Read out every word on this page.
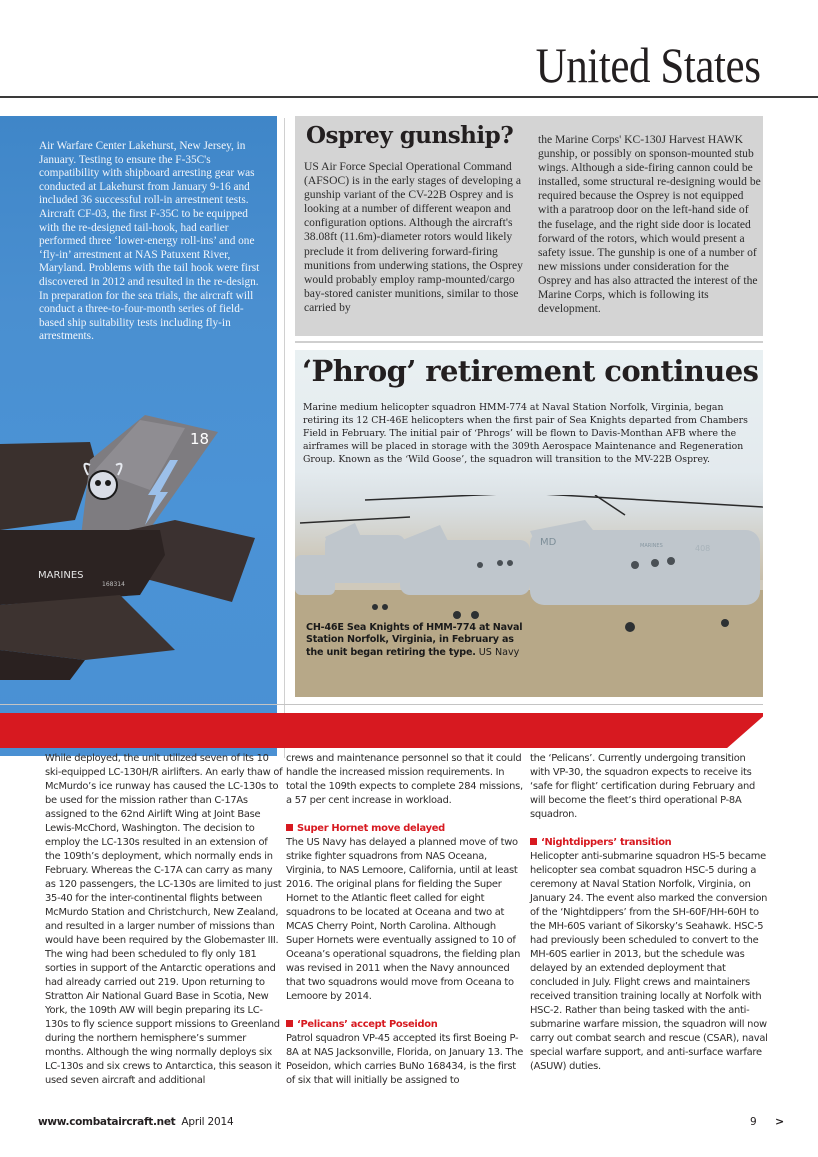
United States
Air Warfare Center Lakehurst, New Jersey, in January. Testing to ensure the F-35C's compatibility with shipboard arresting gear was conducted at Lakehurst from January 9-16 and included 36 successful roll-in arrestment tests. Aircraft CF-03, the first F-35C to be equipped with the re-designed tail-hook, had earlier performed three ‘lower-energy roll-ins’ and one ‘fly-in’ arrestment at NAS Patuxent River, Maryland. Problems with the tail hook were first discovered in 2012 and resulted in the re-design. In preparation for the sea trials, the aircraft will conduct a three-to-four-month series of field-based ship suitability tests including fly-in arrestments.
18
MARINES
168314
Osprey gunship?
US Air Force Special Operational Command (AFSOC) is in the early stages of developing a gunship variant of the CV-22B Osprey and is looking at a number of different weapon and configuration options. Although the aircraft's 38.08ft (11.6m)-diameter rotors would likely preclude it from delivering forward-firing munitions from underwing stations, the Osprey would probably employ ramp-mounted/cargo bay-stored canister munitions, similar to those carried by
the Marine Corps' KC-130J Harvest HAWK gunship, or possibly on sponson-mounted stub wings. Although a side-firing cannon could be installed, some structural re-designing would be required because the Osprey is not equipped with a paratroop door on the left-hand side of the fuselage, and the right side door is located forward of the rotors, which would present a safety issue. The gunship is one of a number of new missions under consideration for the Osprey and has also attracted the interest of the Marine Corps, which is following its development.
MD
408
MARINES
‘Phrog’ retirement continues
Marine medium helicopter squadron HMM-774 at Naval Station Norfolk, Virginia, began retiring its 12 CH-46E helicopters when the first pair of Sea Knights departed from Chambers Field in February. The initial pair of ‘Phrogs’ will be flown to Davis-Monthan AFB where the airframes will be placed in storage with the 309th Aerospace Maintenance and Regeneration Group. Known as the ‘Wild Goose’, the squadron will transition to the MV-22B Osprey.
CH-46E Sea Knights of HMM-774 at Naval Station Norfolk, Virginia, in February as the unit began retiring the type. US Navy

While deployed, the unit utilized seven of its 10 ski-equipped LC-130H/R airlifters. An early thaw of McMurdo’s ice runway has caused the LC-130s to be used for the mission rather than C-17As assigned to the 62nd Airlift Wing at Joint Base Lewis-McChord, Washington. The decision to employ the LC-130s resulted in an extension of the 109th’s deployment, which normally ends in February. Whereas the C-17A can carry as many as 120 passengers, the LC-130s are limited to just 35-40 for the inter-continental flights between McMurdo Station and Christchurch, New Zealand, and resulted in a larger number of missions than would have been required by the Globemaster III. The wing had been scheduled to fly only 181 sorties in support of the Antarctic operations and had already carried out 219. Upon returning to Stratton Air National Guard Base in Scotia, New York, the 109th AW will begin preparing its LC-130s to fly science support missions to Greenland during the northern hemisphere’s summer months. Although the wing normally deploys six LC-130s and six crews to Antarctica, this season it used seven aircraft and additional

crews and maintenance personnel so that it could handle the increased mission requirements. In total the 109th expects to complete 284 missions, a 57 per cent increase in workload.

Super Hornet move delayed

The US Navy has delayed a planned move of two strike fighter squadrons from NAS Oceana, Virginia, to NAS Lemoore, California, until at least 2016. The original plans for fielding the Super Hornet to the Atlantic fleet called for eight squadrons to be located at Oceana and two at MCAS Cherry Point, North Carolina. Although Super Hornets were eventually assigned to 10 of Oceana’s operational squadrons, the fielding plan was revised in 2011 when the Navy announced that two squadrons would move from Oceana to Lemoore by 2014.

‘Pelicans’ accept Poseidon

Patrol squadron VP-45 accepted its first Boeing P-8A at NAS Jacksonville, Florida, on January 13. The Poseidon, which carries BuNo 168434, is the first of six that will initially be assigned to

the ‘Pelicans’. Currently undergoing transition with VP-30, the squadron expects to receive its ‘safe for flight’ certification during February and will become the fleet’s third operational P-8A squadron.

‘Nightdippers’ transition

Helicopter anti-submarine squadron HS-5 became helicopter sea combat squadron HSC-5 during a ceremony at Naval Station Norfolk, Virginia, on January 24. The event also marked the conversion of the ‘Nightdippers’ from the SH-60F/HH-60H to the MH-60S variant of Sikorsky’s Seahawk. HSC-5 had previously been scheduled to convert to the MH-60S earlier in 2013, but the schedule was delayed by an extended deployment that concluded in July. Flight crews and maintainers received transition training locally at Norfolk with HSC-2. Rather than being tasked with the anti-submarine warfare mission, the squadron will now carry out combat search and rescue (CSAR), naval special warfare support, and anti-surface warfare (ASUW) duties.

www.combataircraft.net April 2014	9 >
